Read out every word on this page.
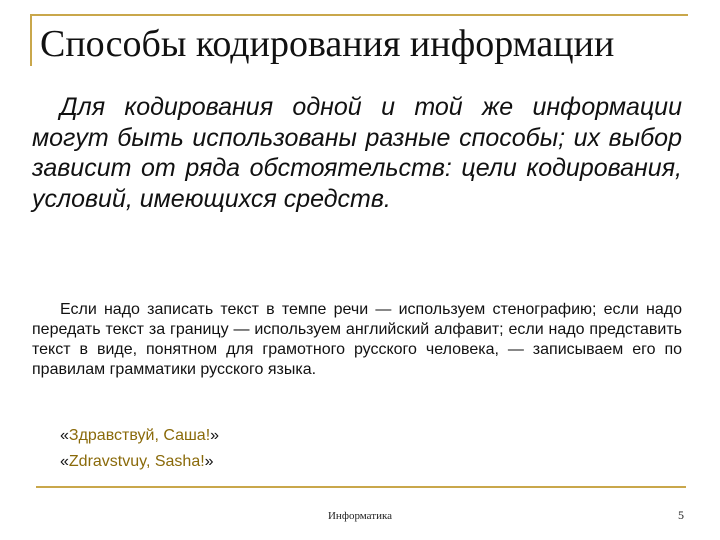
Способы кодирования информации

Для кодирования одной и той же информации могут быть использованы разные способы; их выбор зависит от ряда обстоятельств: цели кодирования, условий, имеющихся средств.

Если надо записать текст в темпе речи — используем стенографию; если надо передать текст за границу — используем английский алфавит; если надо представить текст в виде, понятном для грамотного русского человека, — записываем его по правилам грамматики русского языка.

«Здравствуй, Саша!»

«Zdravstvuy, Sasha!»

Информатика	5
